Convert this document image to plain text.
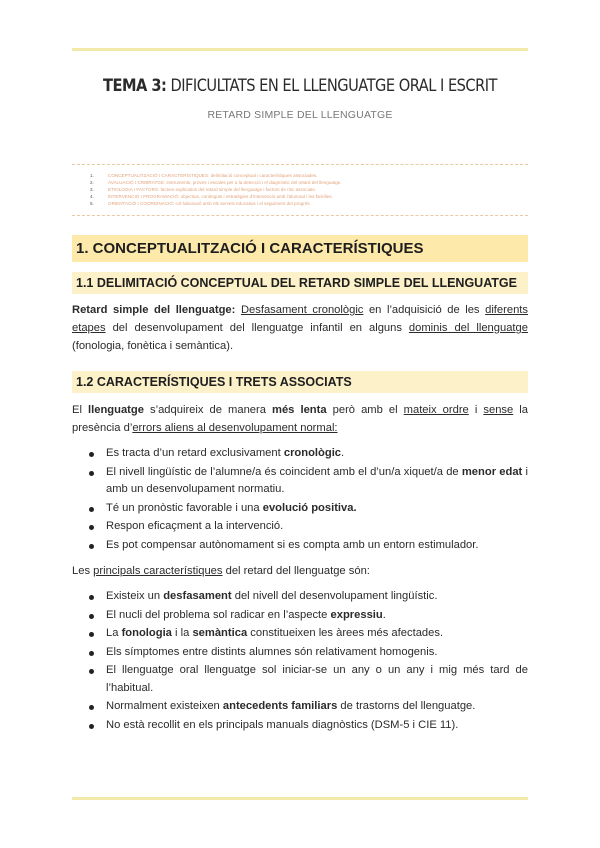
TEMA 3: DIFICULTATS EN EL LLENGUATGE ORAL I ESCRIT
RETARD SIMPLE DEL LLENGUATGE
1.	CONCEPTUALITZACIÓ I CARACTERÍSTIQUES: delimitació conceptual i característiques associades.
2.	AVALUACIÓ I CRIBRATGE: instruments, proves i escales per a la detecció i el diagnòstic del retard del llenguatge.
3.	ETIOLOGIA I FACTORS: factors explicatius del retard simple del llenguatge i factors de risc associats.
4.	INTERVENCIÓ I PROGRAMACIÓ: objectius, continguts i estratègies d'intervenció amb l'alumnat i les famílies.
5.	ORIENTACIÓ I COORDINACIÓ: col·laboració amb els serveis educatius i el seguiment del progrés.
1. CONCEPTUALITZACIÓ I CARACTERÍSTIQUES
1.1 DELIMITACIÓ CONCEPTUAL DEL RETARD SIMPLE DEL LLENGUATGE

Retard simple del llenguatge: Desfasament cronològic en l’adquisició de les diferents etapes del desenvolupament del llenguatge infantil en alguns dominis del llenguatge (fonologia, fonètica i semàntica).

1.2 CARACTERÍSTIQUES I TRETS ASSOCIATS

El llenguatge s’adquireix de manera més lenta però amb el mateix ordre i sense la presència d’errors aliens al desenvolupament normal:

Es tracta d’un retard exclusivament cronològic.
El nivell lingüístic de l’alumne/a és coincident amb el d’un/a xiquet/a de menor edat i amb un desenvolupament normatiu.
Té un pronòstic favorable i una evolució positiva.
Respon eficaçment a la intervenció.
Es pot compensar autònomament si es compta amb un entorn estimulador.

Les principals característiques del retard del llenguatge són:

Existeix un desfasament del nivell del desenvolupament lingüístic.
El nucli del problema sol radicar en l’aspecte expressiu.
La fonologia i la semàntica constitueixen les àrees més afectades.
Els símptomes entre distints alumnes són relativament homogenis.
El llenguatge oral llenguatge sol iniciar-se un any o un any i mig més tard de l’habitual.
Normalment existeixen antecedents familiars de trastorns del llenguatge.
No està recollit en els principals manuals diagnòstics (DSM-5 i CIE 11).
